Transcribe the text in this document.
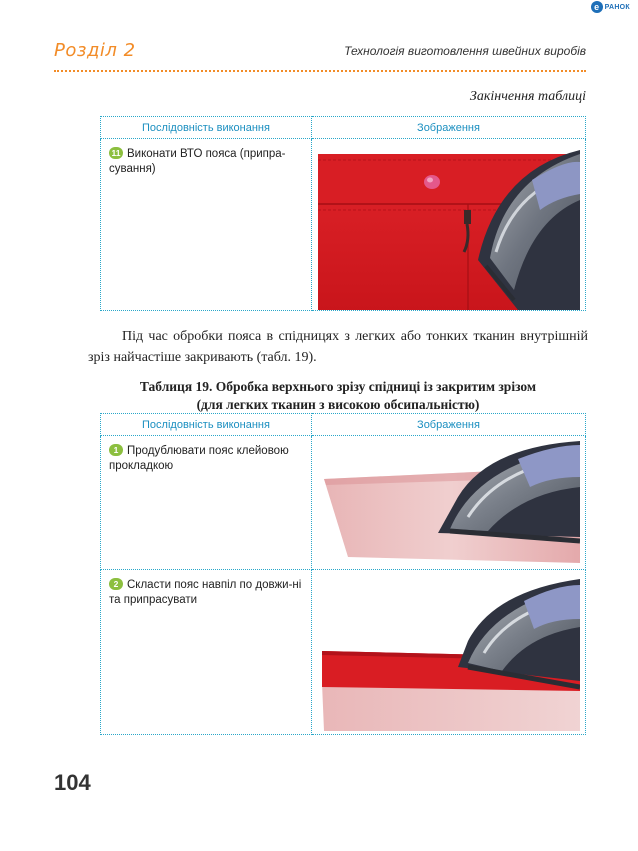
e РАНОК
Розділ 2	Технологія виготовлення швейних виробів
Закінчення таблиці
Послідовність виконання	Зображення

11 Виконати ВТО пояса (припра-сування)

Під час обробки пояса в спідницях з легких або тонких тканин внутрішній зріз найчастіше закривають (табл. 19).
Таблиця 19. Обробка верхнього зрізу спідниці із закритим зрізом
(для легких тканин з високою обсипальністю)
Послідовність виконання	Зображення

1 Продублювати пояс клейовою прокладкою

2 Скласти пояс навпіл по довжи-ні та припрасувати

104
